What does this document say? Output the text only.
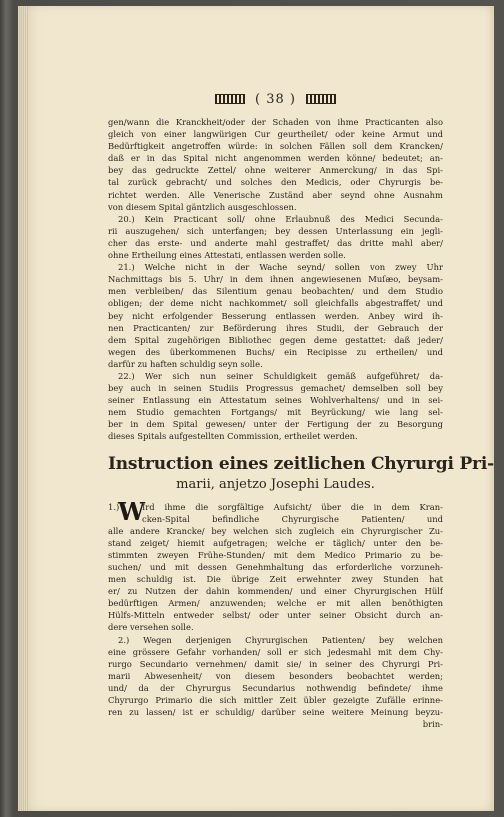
( 38 )
gen/wann die Kranckheit/oder der Schaden von ihme Practicanten also
gleich von einer langwürigen Cur geurtheilet/ oder keine Armut und
Bedürftigkeit angetroffen würde: in solchen Fällen soll dem Krancken/
daß er in das Spital nicht angenommen werden könne/ bedeutet; an-
bey das gedruckte Zettel/ ohne weiterer Anmerckung/ in das Spi-
tal zurück gebracht/ und solches den Medicis, oder Chyrurgis be-
richtet werden. Alle Venerische Zuständ aber seynd ohne Ausnahm
von diesem Spital gäntzlich ausgeschlossen.
20.) Kein Practicant soll/ ohne Erlaubnuß des Medici Secunda-
rii auszugehen/ sich unterfangen; bey dessen Unterlassung ein jegli-
cher das erste- und anderte mahl gestraffet/ das dritte mahl aber/
ohne Ertheilung eines Attestati, entlassen werden solle.
21.) Welche nicht in der Wache seynd/ sollen von zwey Uhr
Nachmittags bis 5. Uhr/ in dem ihnen angewiesenen Muſæo, beysam-
men verbleiben/ das Silentium genau beobachten/ und dem Studio
obligen; der deme nicht nachkommet/ soll gleichfalls abgestraffet/ und
bey nicht erfolgender Besserung entlassen werden. Anbey wird ih-
nen Practicanten/ zur Beförderung ihres Studii, der Gebrauch der
dem Spital zugehörigen Bibliothec gegen deme gestattet: daß jeder/
wegen des überkommenen Buchs/ ein Recipisse zu ertheilen/ und
darfür zu haften schuldig seyn solle.
22.) Wer sich nun seiner Schuldigkeit gemäß aufgeführet/ da-
bey auch in seinen Studiis Progressus gemachet/ demselben soll bey
seiner Entlassung ein Attestatum seines Wohlverhaltens/ und in sei-
nem Studio gemachten Fortgangs/ mit Beyrückung/ wie lang sel-
ber in dem Spital gewesen/ unter der Fertigung der zu Besorgung
dieses Spitals aufgestellten Commission, ertheilet werden.
Instruction eines zeitlichen Chyrurgi Pri-
marii, anjetzo Josephi Laudes.
W
1.)	Ird ihme die sorgfältige Aufsicht/ über die in dem Kran-
cken-Spital befindliche Chyrurgische Patienten/ und
alle andere Krancke/ bey welchen sich zugleich ein Chyrurgischer Zu-
stand zeiget/ hiemit aufgetragen; welche er täglich/ unter den be-
stimmten zweyen Frühe-Stunden/ mit dem Medico Primario zu be-
suchen/ und mit dessen Genehmhaltung das erforderliche vorzuneh-
men schuldig ist. Die übrige Zeit erwehnter zwey Stunden hat
er/ zu Nutzen der dahin kommenden/ und einer Chyrurgischen Hülf
bedürftigen Armen/ anzuwenden; welche er mit allen benöthigten
Hülfs-Mitteln entweder selbst/ oder unter seiner Obsicht durch an-
dere versehen solle.
2.) Wegen derjenigen Chyrurgischen Patienten/ bey welchen
eine grössere Gefahr vorhanden/ soll er sich jedesmahl mit dem Chy-
rurgo Secundario vernehmen/ damit sie/ in seiner des Chyrurgi Pri-
marii Abwesenheit/ von diesem besonders beobachtet werden;
und/ da der Chyrurgus Secundarius nothwendig befindete/ ihme
Chyrurgo Primario die sich mittler Zeit übler gezeigte Zufälle erinne-
ren zu lassen/ ist er schuldig/ darüber seine weitere Meinung beyzu-
brin-
